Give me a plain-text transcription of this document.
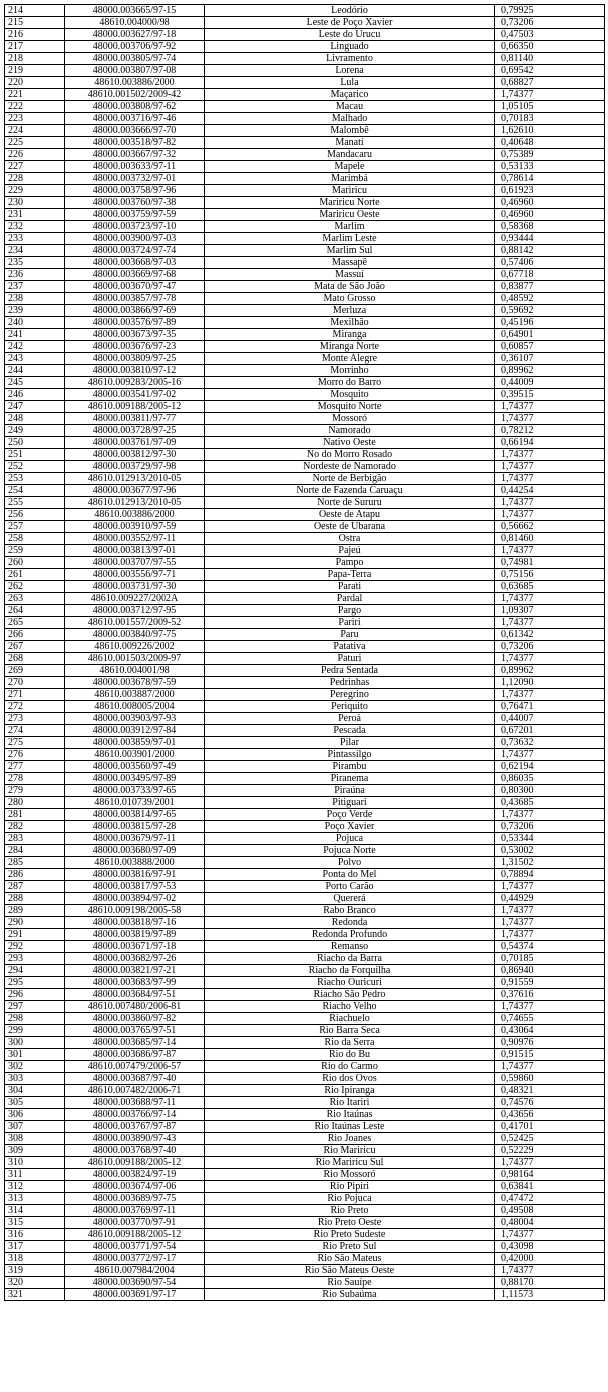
214	48000.003665/97-15	Leodório	0,79925
215	48610.004000/98	Leste de Poço Xavier	0,73206
216	48000.003627/97-18	Leste do Urucu	0,47503
217	48000.003706/97-92	Linguado	0,66350
218	48000.003805/97-74	Livramento	0,81140
219	48000.003807/97-08	Lorena	0,69542
220	48610.003886/2000	Lula	0,68827
221	48610.001502/2009-42	Maçarico	1,74377
222	48000.003808/97-62	Macau	1,05105
223	48000.003716/97-46	Malhado	0,70183
224	48000.003666/97-70	Malombê	1,62610
225	48000.003518/97-82	Manati	0,40648
226	48000.003667/97-32	Mandacaru	0,75389
227	48000.003633/97-11	Mapele	0,53133
228	48000.003732/97-01	Marimbá	0,78614
229	48000.003758/97-96	Mariricu	0,61923
230	48000.003760/97-38	Mariricu Norte	0,46960
231	48000.003759/97-59	Mariricu Oeste	0,46960
232	48000.003723/97-10	Marlim	0,58368
233	48000.003900/97-03	Marlim Leste	0,93444
234	48000.003724/97-74	Marlim Sul	0,88142
235	48000.003668/97-03	Massapê	0,57406
236	48000.003669/97-68	Massuí	0,67718
237	48000.003670/97-47	Mata de São João	0,83877
238	48000.003857/97-78	Mato Grosso	0,48592
239	48000.003866/97-69	Merluza	0,59692
240	48000.003576/97-89	Mexilhão	0,45196
241	48000.003673/97-35	Miranga	0,64901
242	48000.003676/97-23	Miranga Norte	0,60857
243	48000.003809/97-25	Monte Alegre	0,36107
244	48000.003810/97-12	Morrinho	0,89962
245	48610.009283/2005-16	Morro do Barro	0,44009
246	48000.003541/97-02	Mosquito	0,39515
247	48610.009188/2005-12	Mosquito Norte	1,74377
248	48000.003811/97-77	Mossoró	1,74377
249	48000.003728/97-25	Namorado	0,78212
250	48000.003761/97-09	Nativo Oeste	0,66194
251	48000.003812/97-30	No do Morro Rosado	1,74377
252	48000.003729/97-98	Nordeste de Namorado	1,74377
253	48610.012913/2010-05	Norte de Berbigão	1,74377
254	48000.003677/97-96	Norte de Fazenda Caruaçu	0,44254
255	48610.012913/2010-05	Norte de Sururu	1,74377
256	48610.003886/2000	Oeste de Atapu	1,74377
257	48000.003910/97-59	Oeste de Ubarana	0,56662
258	48000.003552/97-11	Ostra	0,81460
259	48000.003813/97-01	Pajeú	1,74377
260	48000.003707/97-55	Pampo	0,74981
261	48000.003556/97-71	Papa-Terra	0,75156
262	48000.003731/97-30	Parati	0,63685
263	48610.009227/2002A	Pardal	1,74377
264	48000.003712/97-95	Pargo	1,09307
265	48610.001557/2009-52	Pariri	1,74377
266	48000.003840/97-75	Paru	0,61342
267	48610.009226/2002	Patativa	0,73206
268	48610.001503/2009-97	Paturi	1,74377
269	48610.004001/98	Pedra Sentada	0,89962
270	48000.003678/97-59	Pedrinhas	1,12090
271	48610.003887/2000	Peregrino	1,74377
272	48610.008005/2004	Periquito	0,76471
273	48000.003903/97-93	Peroá	0,44007
274	48000.003912/97-84	Pescada	0,67201
275	48000.003859/97-01	Pilar	0,73632
276	48610.003901/2000	Pintassilgo	1,74377
277	48000.003560/97-49	Pirambu	0,62194
278	48000.003495/97-89	Piranema	0,86035
279	48000.003733/97-65	Piraúna	0,80300
280	48610.010739/2001	Pitiguari	0,43685
281	48000.003814/97-65	Poço Verde	1,74377
282	48000.003815/97-28	Poço Xavier	0,73206
283	48000.003679/97-11	Pojuca	0,53344
284	48000.003680/97-09	Pojuca Norte	0,53002
285	48610.003888/2000	Polvo	1,31502
286	48000.003816/97-91	Ponta do Mel	0,78894
287	48000.003817/97-53	Porto Carão	1,74377
288	48000.003894/97-02	Quererá	0,44929
289	48610.009198/2005-58	Rabo Branco	1,74377
290	48000.003818/97-16	Redonda	1,74377
291	48000.003819/97-89	Redonda Profundo	1,74377
292	48000.003671/97-18	Remanso	0,54374
293	48000.003682/97-26	Riacho da Barra	0,70185
294	48000.003821/97-21	Riacho da Forquilha	0,86940
295	48000.003683/97-99	Riacho Ouricuri	0,91559
296	48000.003684/97-51	Riacho São Pedro	0,37616
297	48610.007480/2006-81	Riacho Velho	1,74377
298	48000.003860/97-82	Riachuelo	0,74655
299	48000.003765/97-51	Rio Barra Seca	0,43064
300	48000.003685/97-14	Rio da Serra	0,90976
301	48000.003686/97-87	Rio do Bu	0,91515
302	48610.007479/2006-57	Rio do Carmo	1,74377
303	48000.003687/97-40	Rio dos Ovos	0,59860
304	48610.007482/2006-71	Rio Ipiranga	0,48321
305	48000.003688/97-11	Rio Itariri	0,74576
306	48000.003766/97-14	Rio Itaúnas	0,43656
307	48000.003767/97-87	Rio Itaúnas Leste	0,41701
308	48000.003890/97-43	Rio Joanes	0,52425
309	48000.003768/97-40	Rio Mariricu	0,52229
310	48610.009188/2005-12	Rio Mariricu Sul	1,74377
311	48000.003824/97-19	Rio Mossoró	0,98164
312	48000.003674/97-06	Rio Pipiri	0,63841
313	48000.003689/97-75	Rio Pojuca	0,47472
314	48000.003769/97-11	Rio Preto	0,49508
315	48000.003770/97-91	Rio Preto Oeste	0,48004
316	48610.009188/2005-12	Rio Preto Sudeste	1,74377
317	48000.003771/97-54	Rio Preto Sul	0,43098
318	48000.003772/97-17	Rio São Mateus	0,42000
319	48610.007984/2004	Rio São Mateus Oeste	1,74377
320	48000.003690/97-54	Rio Sauípe	0,88170
321	48000.003691/97-17	Rio Subaúma	1,11573
